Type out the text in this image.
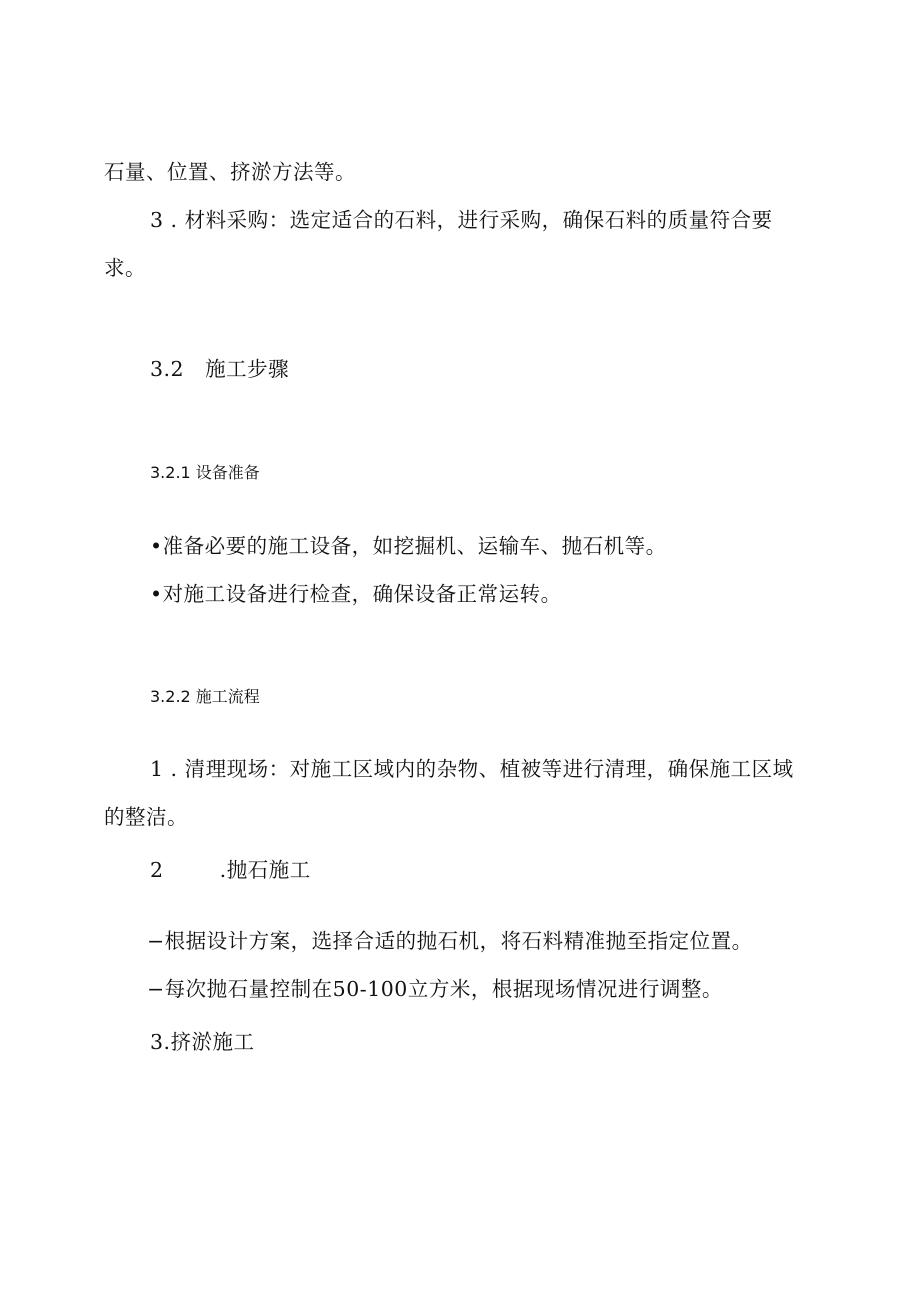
石量、位置、挤淤方法等。
3 . 材料采购：选定适合的石料，进行采购，确保石料的质量符合要
求。
3.2   施工步骤
3.2.1 设备准备
•准备必要的施工设备，如挖掘机、运输车、抛石机等。
•对施工设备进行检查，确保设备正常运转。
3.2.2 施工流程
1 . 清理现场：对施工区域内的杂物、植被等进行清理，确保施工区域
的整洁。
2        .抛石施工
−根据设计方案，选择合适的抛石机，将石料精准抛至指定位置。
−每次抛石量控制在50-100立方米，根据现场情况进行调整。
3.挤淤施工
